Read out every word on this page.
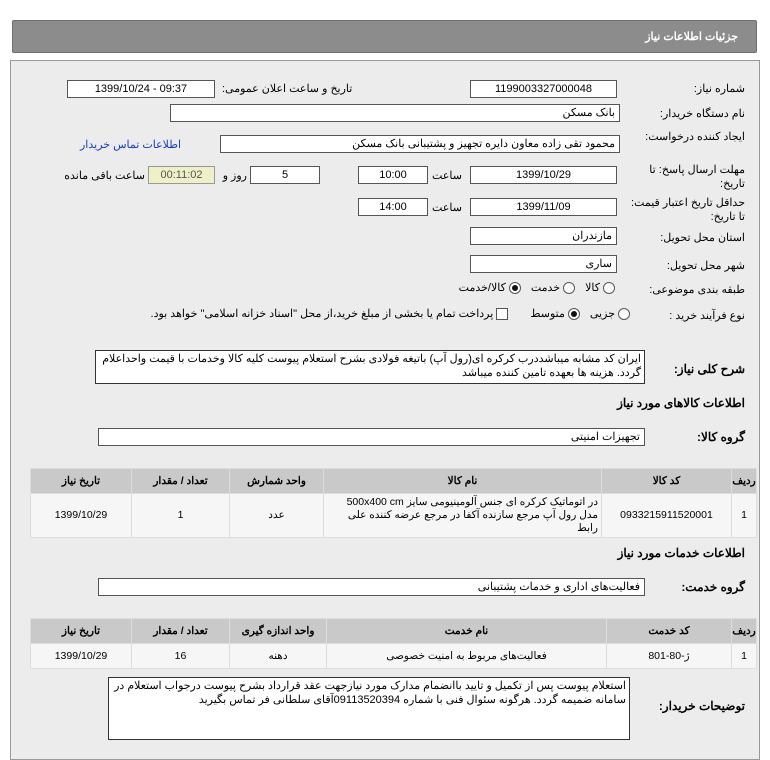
جزئیات اطلاعات نیاز
شماره نیاز:
1199003327000048
تاریخ و ساعت اعلان عمومی:
1399/10/24 - 09:37
نام دستگاه خریدار:
بانک مسکن
ایجاد کننده درخواست:
محمود تقی زاده معاون دایره تجهیز و پشتیبانی بانک مسکن
اطلاعات تماس خریدار
مهلت ارسال پاسخ: تا تاریخ:
1399/10/29
ساعت
10:00
5
روز و
00:11:02
ساعت باقی مانده
حداقل تاریخ اعتبار قیمت: تا تاریخ:
1399/11/09
ساعت
14:00
استان محل تحویل:
مازندران
شهر محل تحویل:
ساری
طبقه بندی موضوعی:
کالا
خدمت
کالا/خدمت
نوع فرآیند خرید :
جزیی
متوسط
پرداخت تمام یا بخشی از مبلغ خرید،از محل "اسناد خزانه اسلامی" خواهد بود.
شرح کلی نیاز:
ایران کد مشابه میباشددرب کرکره ای(رول آپ) باتیغه فولادی بشرح استعلام پیوست کلیه کالا وخدمات با قیمت واحداعلام گردد. هزینه ها بعهده تامین کننده میباشد
اطلاعات کالاهای مورد نیاز
گروه کالا:
تجهیزات امنیتی
ردیف	کد کالا	نام کالا	واحد شمارش	تعداد / مقدار	تاریخ نیاز
1	0933215911520001	در اتوماتیک کرکره ای جنس آلومینیومی سایز 500x400 cm مدل رول آپ مرجع سازنده آکفا در مرجع عرضه کننده علی رابط	عدد	1	1399/10/29
اطلاعات خدمات مورد نیاز
گروه خدمت:
فعالیت‌های اداری و خدمات پشتیبانی
ردیف	کد خدمت	نام خدمت	واحد اندازه گیری	تعداد / مقدار	تاریخ نیاز
1	ژ-80-801	فعالیت‌های مربوط به امنیت خصوصی	دهنه	16	1399/10/29
توضیحات خریدار:
استعلام پیوست پس از تکمیل و تایید باانضمام مدارک مورد نیازجهت عقد قرارداد بشرح پیوست درجواب استعلام در سامانه ضمیمه گردد. هرگونه سئوال فنی با شماره 09113520394آقای سلطانی فر تماس بگیرید
